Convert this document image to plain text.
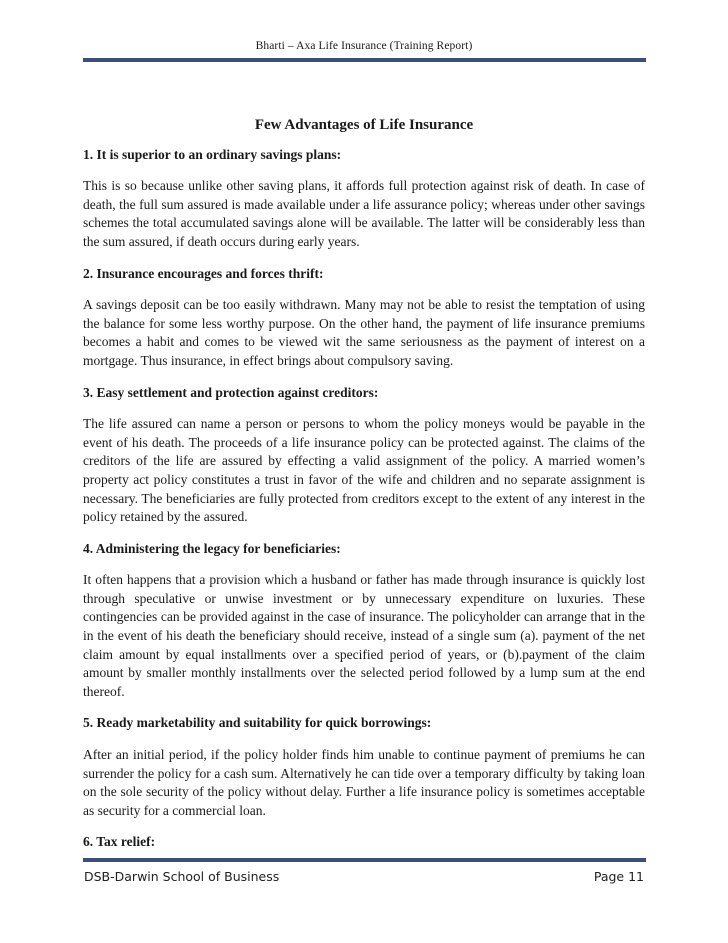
Bharti – Axa Life Insurance (Training Report)
Few Advantages of Life Insurance
1. It is superior to an ordinary savings plans:
This is so because unlike other saving plans, it affords full protection against risk of death. In case of death, the full sum assured is made available under a life assurance policy; whereas under other savings schemes the total accumulated savings alone will be available. The latter will be considerably less than the sum assured, if death occurs during early years.
2. Insurance encourages and forces thrift:
A savings deposit can be too easily withdrawn. Many may not be able to resist the temptation of using the balance for some less worthy purpose. On the other hand, the payment of life insurance premiums becomes a habit and comes to be viewed wit the same seriousness as the payment of interest on a mortgage. Thus insurance, in effect brings about compulsory saving.
3. Easy settlement and protection against creditors:
The life assured can name a person or persons to whom the policy moneys would be payable in the event of his death. The proceeds of a life insurance policy can be protected against. The claims of the creditors of the life are assured by effecting a valid assignment of the policy. A married women’s property act policy constitutes a trust in favor of the wife and children and no separate assignment is necessary. The beneficiaries are fully protected from creditors except to the extent of any interest in the policy retained by the assured.
4. Administering the legacy for beneficiaries:
It often happens that a provision which a husband or father has made through insurance is quickly lost through speculative or unwise investment or by unnecessary expenditure on luxuries. These contingencies can be provided against in the case of insurance. The policyholder can arrange that in the in the event of his death the beneficiary should receive, instead of a single sum (a). payment of the net claim amount by equal installments over a specified period of years, or (b).payment of the claim amount by smaller monthly installments over the selected period followed by a lump sum at the end thereof.
5. Ready marketability and suitability for quick borrowings:
After an initial period, if the policy holder finds him unable to continue payment of premiums he can surrender the policy for a cash sum. Alternatively he can tide over a temporary difficulty by taking loan on the sole security of the policy without delay. Further a life insurance policy is sometimes acceptable as security for a commercial loan.
6. Tax relief:
DSB-Darwin School of Business	Page 11
